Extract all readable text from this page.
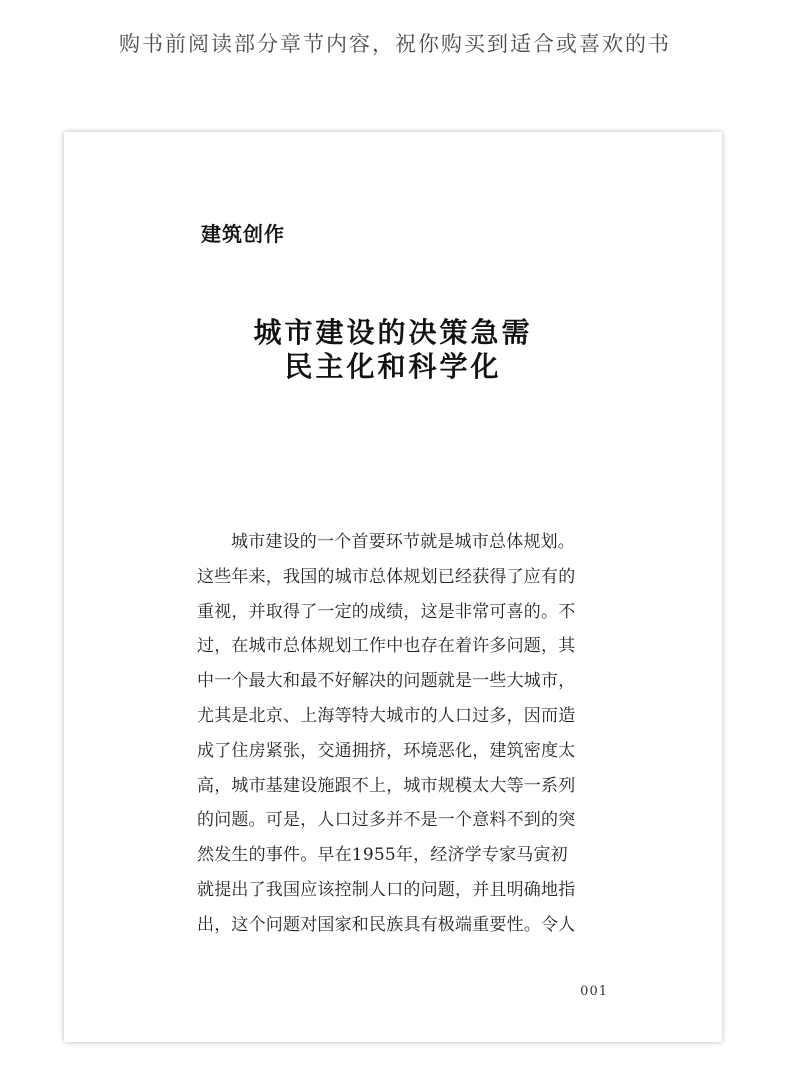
购书前阅读部分章节内容，祝你购买到适合或喜欢的书
建筑创作
城市建设的决策急需
民主化和科学化
城市建设的一个首要环节就是城市总体规划。
这些年来，我国的城市总体规划已经获得了应有的
重视，并取得了一定的成绩，这是非常可喜的。不
过，在城市总体规划工作中也存在着许多问题，其
中一个最大和最不好解决的问题就是一些大城市，
尤其是北京、上海等特大城市的人口过多，因而造
成了住房紧张，交通拥挤，环境恶化，建筑密度太
高，城市基建设施跟不上，城市规模太大等一系列
的问题。可是，人口过多并不是一个意料不到的突
然发生的事件。早在1955年，经济学专家马寅初
就提出了我国应该控制人口的问题，并且明确地指
出，这个问题对国家和民族具有极端重要性。令人
001
